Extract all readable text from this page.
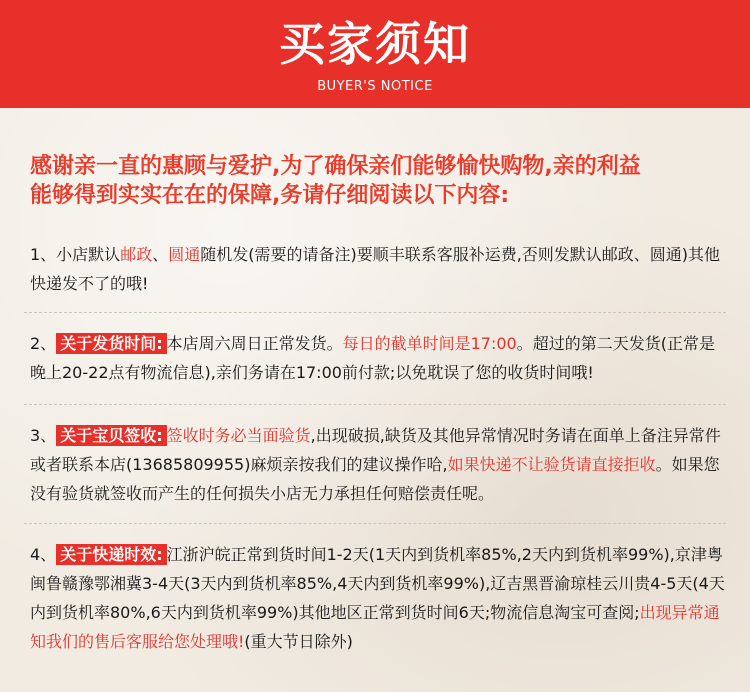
买家须知
BUYER'S NOTICE
感谢亲一直的惠顾与爱护,为了确保亲们能够愉快购物,亲的利益
能够得到实实在在的保障,务请仔细阅读以下内容:
1、小店默认邮政、圆通随机发(需要的请备注)要顺丰联系客服补运费,否则发默认邮政、圆通)其他快递发不了的哦!
2、 关于发货时间: 本店周六周日正常发货。每日的截单时间是17:00。超过的第二天发货(正常是晚上20-22点有物流信息),亲们务请在17:00前付款;以免耽误了您的收货时间哦!
3、 关于宝贝签收: 签收时务必当面验货,出现破损,缺货及其他异常情况时务请在面单上备注异常件或者联系本店(13685809955)麻烦亲按我们的建议操作哈,如果快递不让验货请直接拒收。如果您没有验货就签收而产生的任何损失小店无力承担任何赔偿责任呢。
4、 关于快递时效: 江浙沪皖正常到货时间1-2天(1天内到货机率85%,2天内到货机率99%),京津粤闽鲁赣豫鄂湘冀3-4天(3天内到货机率85%,4天内到货机率99%),辽吉黑晋渝琼桂云川贵4-5天(4天内到货机率80%,6天内到货机率99%)其他地区正常到货时间6天;物流信息淘宝可查阅;出现异常通知我们的售后客服给您处理哦!(重大节日除外)
